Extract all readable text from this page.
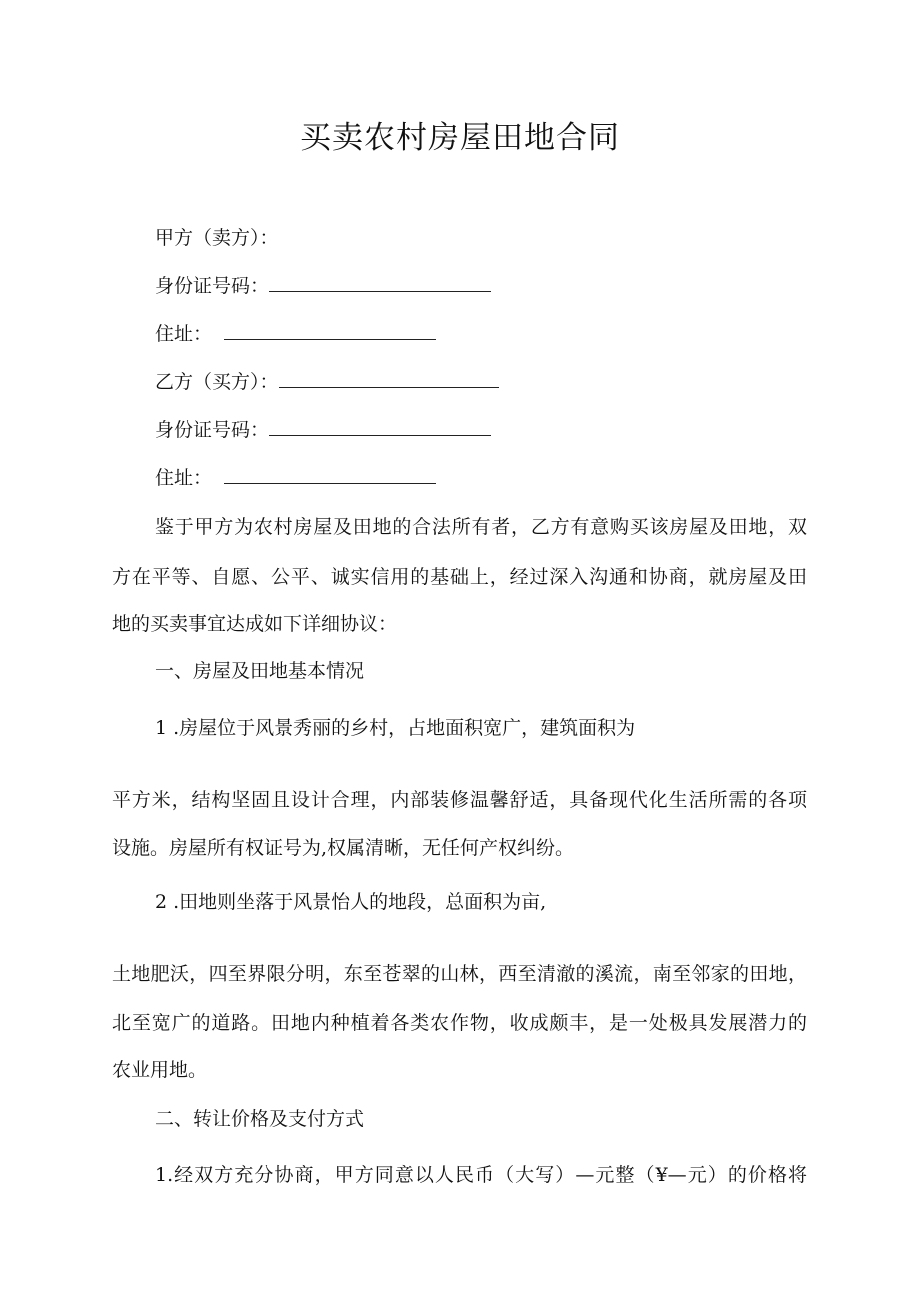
买卖农村房屋田地合同
甲方（卖方）：
身份证号码：
住址：
乙方（买方）：
身份证号码：
住址：
鉴于甲方为农村房屋及田地的合法所有者，乙方有意购买该房屋及田地，双
方在平等、自愿、公平、诚实信用的基础上，经过深入沟通和协商，就房屋及田
地的买卖事宜达成如下详细协议：
一、房屋及田地基本情况
1 .房屋位于风景秀丽的乡村，占地面积宽广，建筑面积为
平方米，结构坚固且设计合理，内部装修温馨舒适，具备现代化生活所需的各项
设施。房屋所有权证号为,权属清晰，无任何产权纠纷。
2 .田地则坐落于风景怡人的地段，总面积为亩,
土地肥沃，四至界限分明，东至苍翠的山林，西至清澈的溪流，南至邻家的田地，
北至宽广的道路。田地内种植着各类农作物，收成颇丰，是一处极具发展潜力的
农业用地。
二、转让价格及支付方式
1.经双方充分协商，甲方同意以人民币（大写）—元整（¥—元）的价格将
